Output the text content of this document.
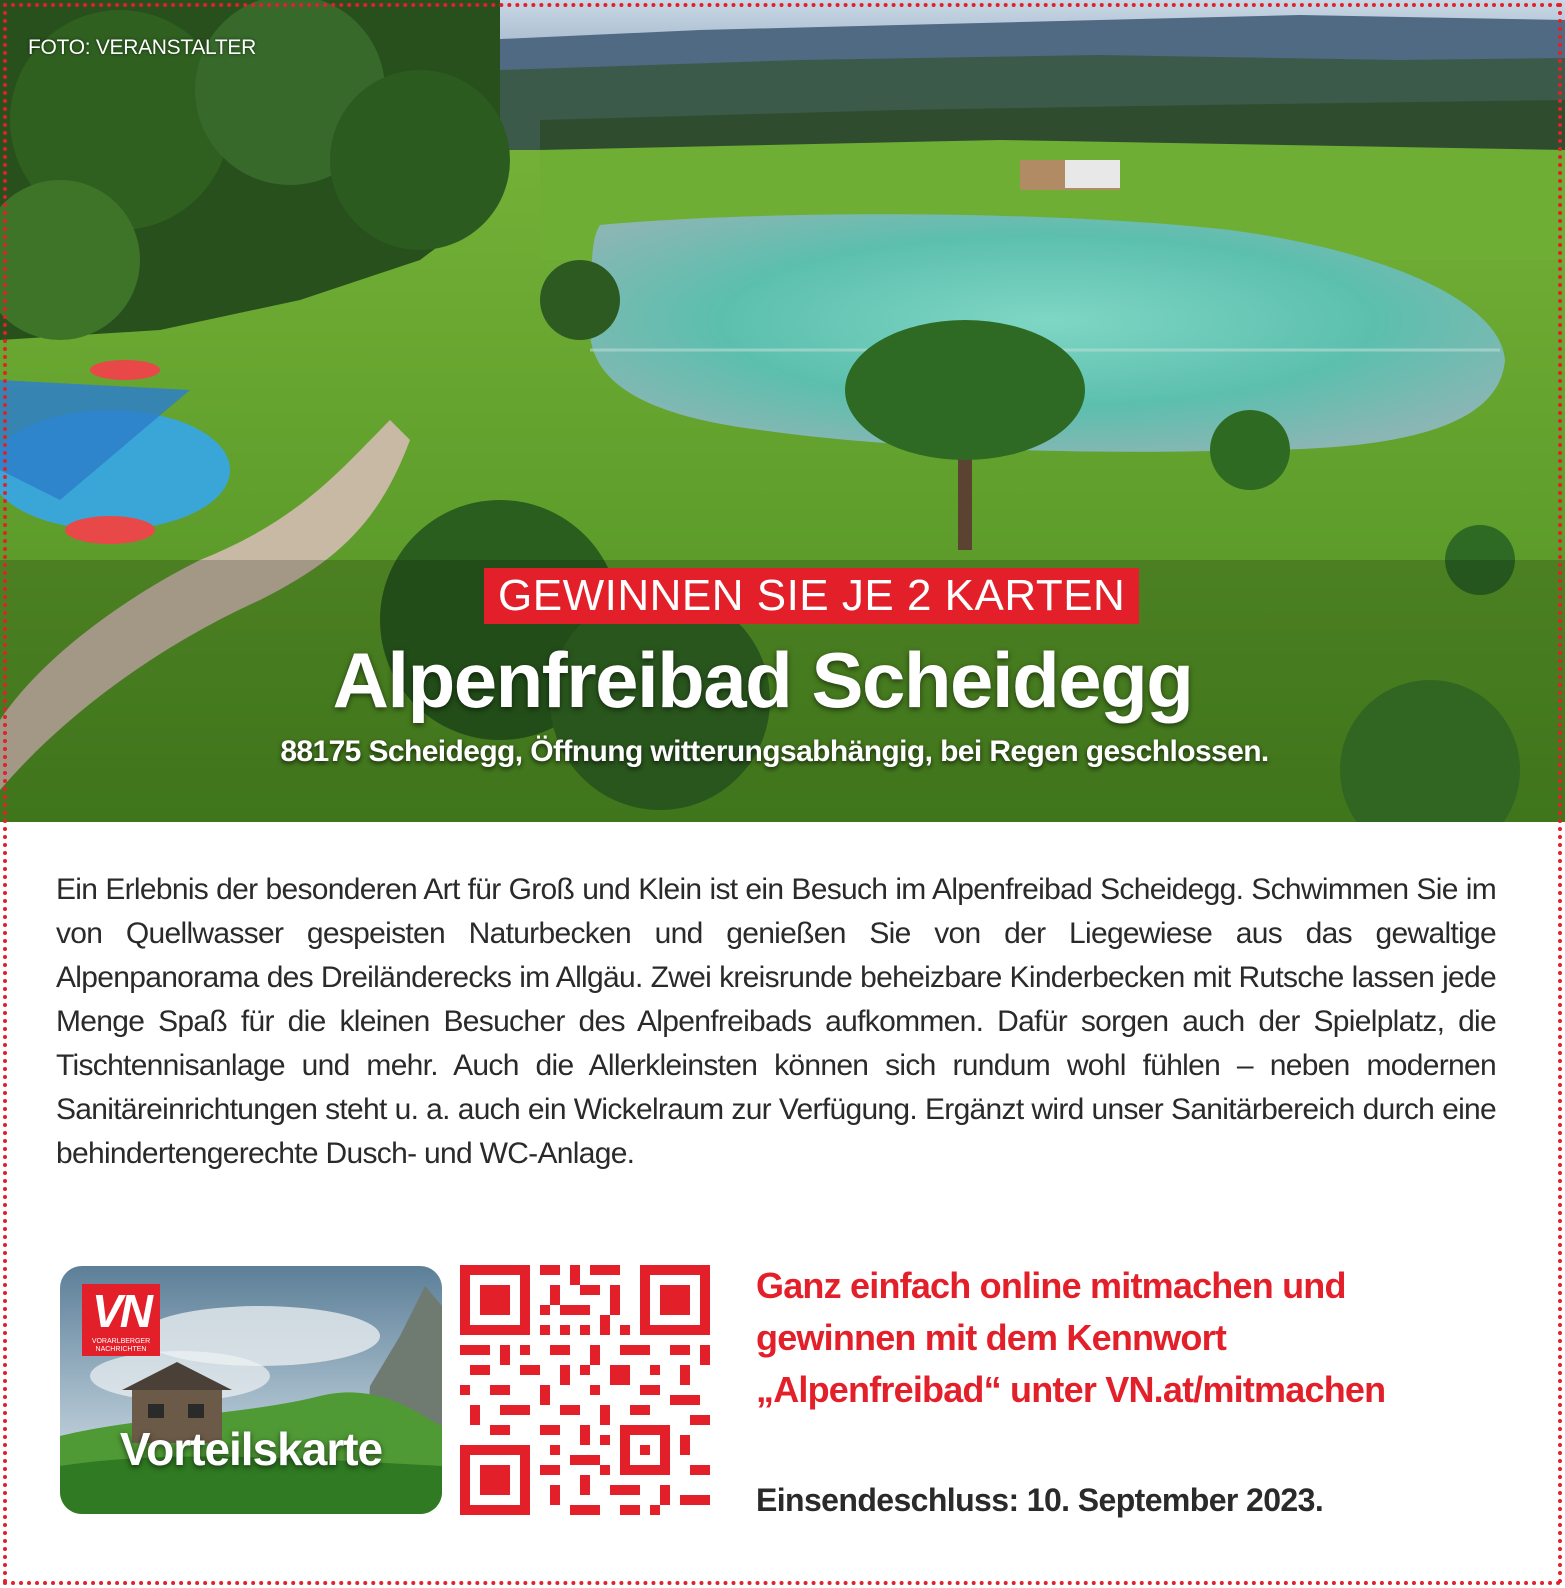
FOTO: VERANSTALTER
GEWINNEN SIE JE 2 KARTEN
Alpenfreibad Scheidegg
88175 Scheidegg, Öffnung witterungsabhängig, bei Regen geschlossen.
Ein Erlebnis der besonderen Art für Groß und Klein ist ein Besuch im Alpenfreibad Scheidegg. Schwimmen Sie im von Quellwasser gespeisten Naturbecken und genießen Sie von der Liegewiese aus das gewaltige Alpenpanorama des Dreiländerecks im Allgäu. Zwei kreisrunde beheizbare Kinderbecken mit Rutsche lassen jede Menge Spaß für die kleinen Besucher des Alpenfreibads aufkommen. Dafür sorgen auch der Spielplatz, die Tischtennisanlage und mehr. Auch die Allerkleinsten können sich rundum wohl fühlen – neben modernen Sanitäreinrichtungen steht u. a. auch ein Wickelraum zur Verfügung. Ergänzt wird unser Sanitärbereich durch eine behindertengerechte Dusch- und WC-Anlage.
VN
VORARLBERGER NACHRICHTEN
Vorteilskarte
Ganz einfach online mitmachen und gewinnen mit dem Kennwort „Alpenfreibad“ unter VN.at/mitmachen
Einsendeschluss: 10. September 2023.
